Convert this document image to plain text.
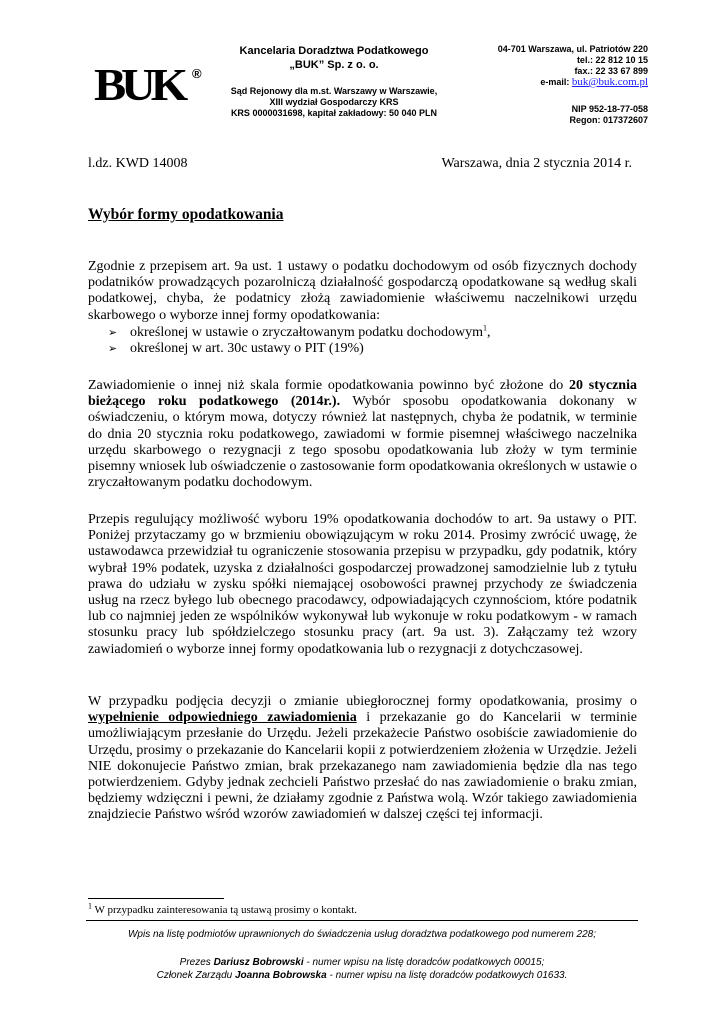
BUK ®
Kancelaria Doradztwa Podatkowego
„BUK” Sp. z o. o.
Sąd Rejonowy dla m.st. Warszawy w Warszawie,
XIII wydział Gospodarczy KRS
KRS 0000031698, kapitał zakładowy: 50 040 PLN
04-701 Warszawa, ul. Patriotów 220
tel.: 22 812 10 15
fax.: 22 33 67 899
e-mail: buk@buk.com.pl
NIP 952-18-77-058
Regon: 017372607
l.dz. KWD 14008	Warszawa, dnia 2 stycznia 2014 r.
Wybór formy opodatkowania

Zgodnie z przepisem art. 9a ust. 1 ustawy o podatku dochodowym od osób fizycznych dochody podatników prowadzących pozarolniczą działalność gospodarczą opodatkowane są według skali podatkowej, chyba, że podatnicy złożą zawiadomienie właściwemu naczelnikowi urzędu skarbowego o wyborze innej formy opodatkowania:

➢ określonej w ustawie o zryczałtowanym podatku dochodowym$^1$,
➢ określonej w art. 30c ustawy o PIT (19%)

Zawiadomienie o innej niż skala formie opodatkowania powinno być złożone do 20 stycznia bieżącego roku podatkowego (2014r.). Wybór sposobu opodatkowania dokonany w oświadczeniu, o którym mowa, dotyczy również lat następnych, chyba że podatnik, w terminie do dnia 20 stycznia roku podatkowego, zawiadomi w formie pisemnej właściwego naczelnika urzędu skarbowego o rezygnacji z tego sposobu opodatkowania lub złoży w tym terminie pisemny wniosek lub oświadczenie o zastosowanie form opodatkowania określonych w ustawie o zryczałtowanym podatku dochodowym.

Przepis regulujący możliwość wyboru 19% opodatkowania dochodów to art. 9a ustawy o PIT. Poniżej przytaczamy go w brzmieniu obowiązującym w roku 2014. Prosimy zwrócić uwagę, że ustawodawca przewidział tu ograniczenie stosowania przepisu w przypadku, gdy podatnik, który wybrał 19% podatek, uzyska z działalności gospodarczej prowadzonej samodzielnie lub z tytułu prawa do udziału w zysku spółki niemającej osobowości prawnej przychody ze świadczenia usług na rzecz byłego lub obecnego pracodawcy, odpowiadających czynnościom, które podatnik lub co najmniej jeden ze wspólników wykonywał lub wykonuje w roku podatkowym - w ramach stosunku pracy lub spółdzielczego stosunku pracy (art. 9a ust. 3). Załączamy też wzory zawiadomień o wyborze innej formy opodatkowania lub o rezygnacji z dotychczasowej.

W przypadku podjęcia decyzji o zmianie ubiegłorocznej formy opodatkowania, prosimy o wypełnienie odpowiedniego zawiadomienia i przekazanie go do Kancelarii w terminie umożliwiającym przesłanie do Urzędu. Jeżeli przekażecie Państwo osobiście zawiadomienie do Urzędu, prosimy o przekazanie do Kancelarii kopii z potwierdzeniem złożenia w Urzędzie. Jeżeli NIE dokonujecie Państwo zmian, brak przekazanego nam zawiadomienia będzie dla nas tego potwierdzeniem. Gdyby jednak zechcieli Państwo przesłać do nas zawiadomienie o braku zmian, będziemy wdzięczni i pewni, że działamy zgodnie z Państwa wolą. Wzór takiego zawiadomienia znajdziecie Państwo wśród wzorów zawiadomień w dalszej części tej informacji.

$^1$ W przypadku zainteresowania tą ustawą prosimy o kontakt.
Wpis na listę podmiotów uprawnionych do świadczenia usług doradztwa podatkowego pod numerem 228;
Prezes Dariusz Bobrowski - numer wpisu na listę doradców podatkowych 00015;
Członek Zarządu Joanna Bobrowska - numer wpisu na listę doradców podatkowych 01633.
